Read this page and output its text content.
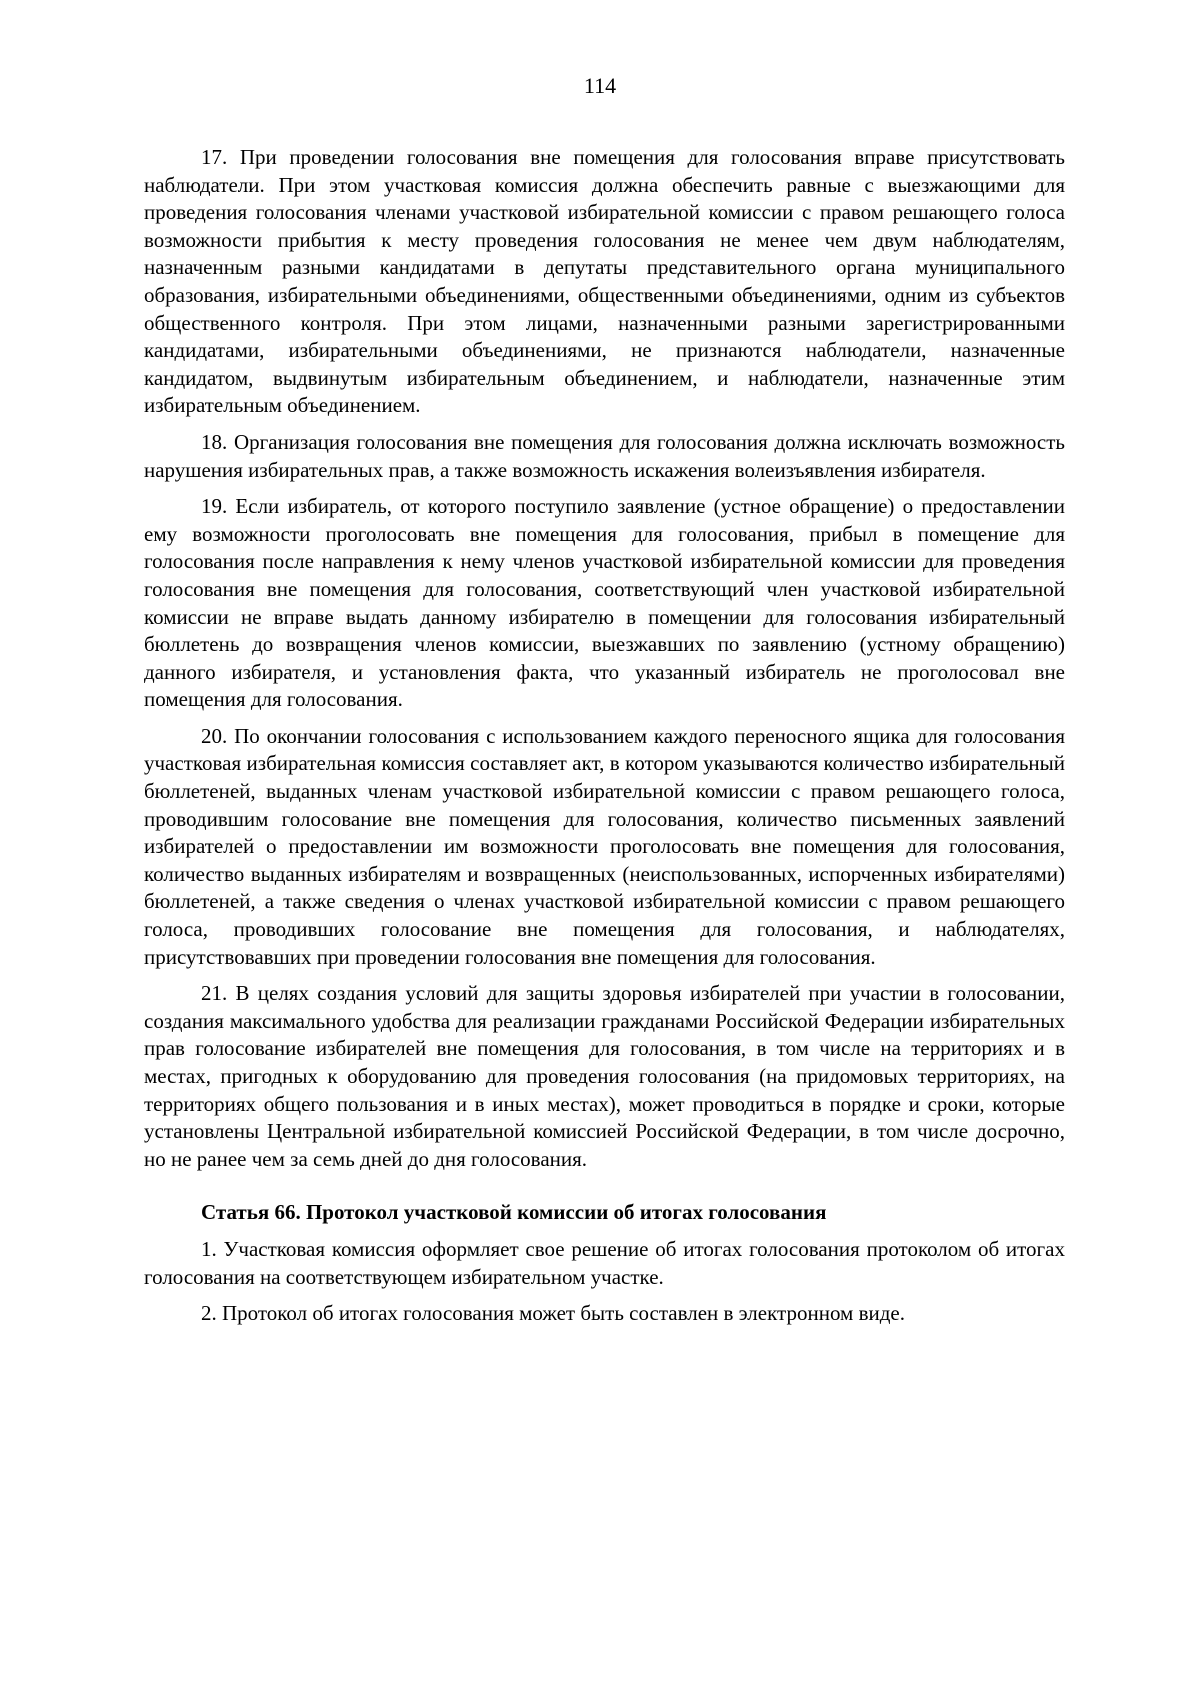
114

17. При проведении голосования вне помещения для голосования вправе присутствовать наблюдатели. При этом участковая комиссия должна обеспечить равные с выезжающими для проведения голосования членами участковой избирательной комиссии с правом решающего голоса возможности прибытия к месту проведения голосования не менее чем двум наблюдателям, назначенным разными кандидатами в депутаты представительного органа муниципального образования, избирательными объединениями, общественными объединениями, одним из субъектов общественного контроля. При этом лицами, назначенными разными зарегистрированными кандидатами, избирательными объединениями, не признаются наблюдатели, назначенные кандидатом, выдвинутым избирательным объединением, и наблюдатели, назначенные этим избирательным объединением.

18. Организация голосования вне помещения для голосования должна исключать возможность нарушения избирательных прав, а также возможность искажения волеизъявления избирателя.

19. Если избиратель, от которого поступило заявление (устное обращение) о предоставлении ему возможности проголосовать вне помещения для голосования, прибыл в помещение для голосования после направления к нему членов участковой избирательной комиссии для проведения голосования вне помещения для голосования, соответствующий член участковой избирательной комиссии не вправе выдать данному избирателю в помещении для голосования избирательный бюллетень до возвращения членов комиссии, выезжавших по заявлению (устному обращению) данного избирателя, и установления факта, что указанный избиратель не проголосовал вне помещения для голосования.

20. По окончании голосования с использованием каждого переносного ящика для голосования участковая избирательная комиссия составляет акт, в котором указываются количество избирательный бюллетеней, выданных членам участковой избирательной комиссии с правом решающего голоса, проводившим голосование вне помещения для голосования, количество письменных заявлений избирателей о предоставлении им возможности проголосовать вне помещения для голосования, количество выданных избирателям и возвращенных (неиспользованных, испорченных избирателями) бюллетеней, а также сведения о членах участковой избирательной комиссии с правом решающего голоса, проводивших голосование вне помещения для голосования, и наблюдателях, присутствовавших при проведении голосования вне помещения для голосования.

21. В целях создания условий для защиты здоровья избирателей при участии в голосовании, создания максимального удобства для реализации гражданами Российской Федерации избирательных прав голосование избирателей вне помещения для голосования, в том числе на территориях и в местах, пригодных к оборудованию для проведения голосования (на придомовых территориях, на территориях общего пользования и в иных местах), может проводиться в порядке и сроки, которые установлены Центральной избирательной комиссией Российской Федерации, в том числе досрочно, но не ранее чем за семь дней до дня голосования.

Статья 66. Протокол участковой комиссии об итогах голосования

1. Участковая комиссия оформляет свое решение об итогах голосования протоколом об итогах голосования на соответствующем избирательном участке.

2. Протокол об итогах голосования может быть составлен в электронном виде.
